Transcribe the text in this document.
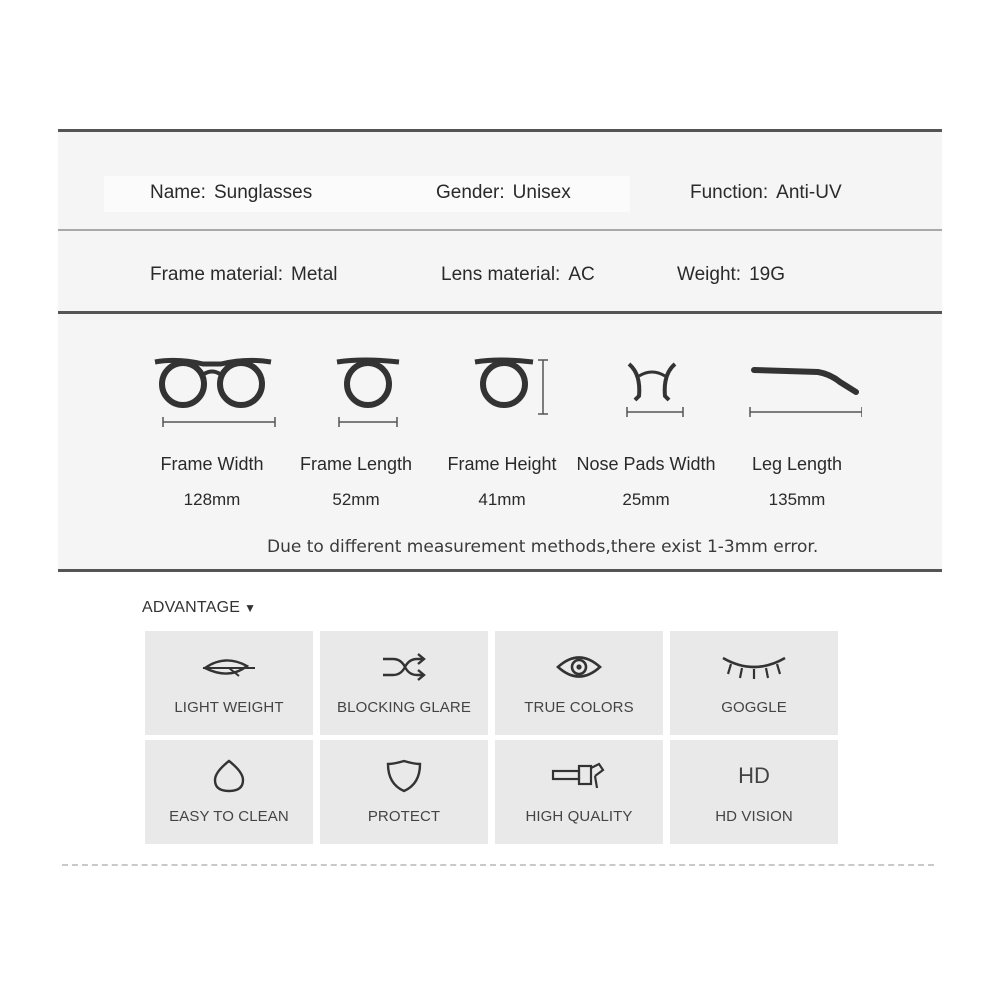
Name: Sunglasses	Gender: Unisex	Function: Anti-UV
Frame material: Metal	Lens material: AC	Weight: 19G
Frame Width
128mm
Frame Length
52mm
Frame Height
41mm
Nose Pads Width
25mm
Leg Length
135mm
Due to different measurement methods,there exist 1-3mm error.
ADVANTAGE ▼
LIGHT WEIGHT	BLOCKING GLARE	TRUE COLORS	GOGGLE
EASY TO CLEAN	PROTECT	HIGH QUALITY
HD
HD VISION
